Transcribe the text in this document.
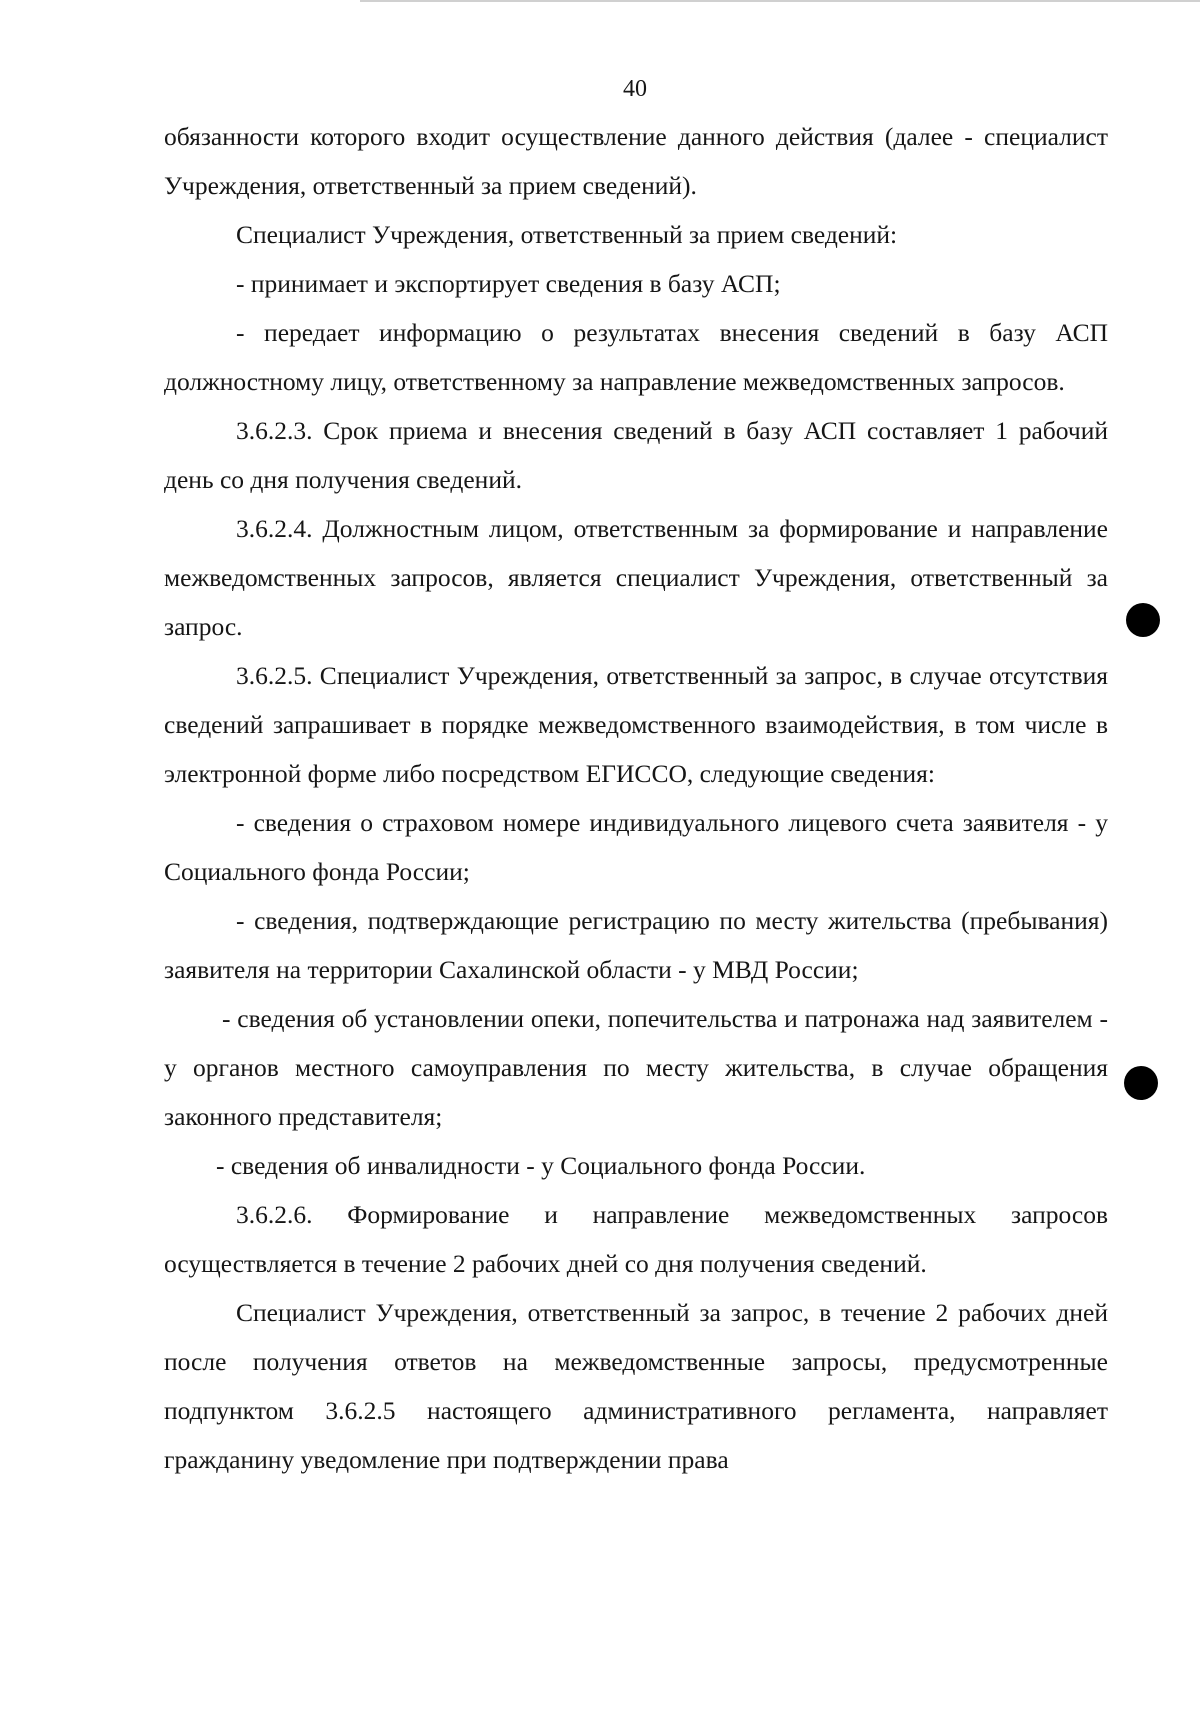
40

обязанности которого входит осуществление данного действия (далее - специалист Учреждения, ответственный за прием сведений).

Специалист Учреждения, ответственный за прием сведений:

- принимает и экспортирует сведения в базу АСП;

- передает информацию о результатах внесения сведений в базу АСП должностному лицу, ответственному за направление межведомственных запросов.

3.6.2.3. Срок приема и внесения сведений в базу АСП составляет 1 рабочий день со дня получения сведений.

3.6.2.4. Должностным лицом, ответственным за формирование и направление межведомственных запросов, является специалист Учреждения, ответственный за запрос.

3.6.2.5. Специалист Учреждения, ответственный за запрос, в случае отсутствия сведений запрашивает в порядке межведомственного взаимодействия, в том числе в электронной форме либо посредством ЕГИССО, следующие сведения:

- сведения о страховом номере индивидуального лицевого счета заявителя - у Социального фонда России;

- сведения, подтверждающие регистрацию по месту жительства (пребывания) заявителя на территории Сахалинской области - у МВД России;

- сведения об установлении опеки, попечительства и патронажа над заявителем - у органов местного самоуправления по месту жительства, в случае обращения законного представителя;

- сведения об инвалидности - у Социального фонда России.

3.6.2.6. Формирование и направление межведомственных запросов осуществляется в течение 2 рабочих дней со дня получения сведений.

Специалист Учреждения, ответственный за запрос, в течение 2 рабочих дней после получения ответов на межведомственные запросы, предусмотренные подпунктом 3.6.2.5 настоящего административного регламента, направляет гражданину уведомление при подтверждении права
